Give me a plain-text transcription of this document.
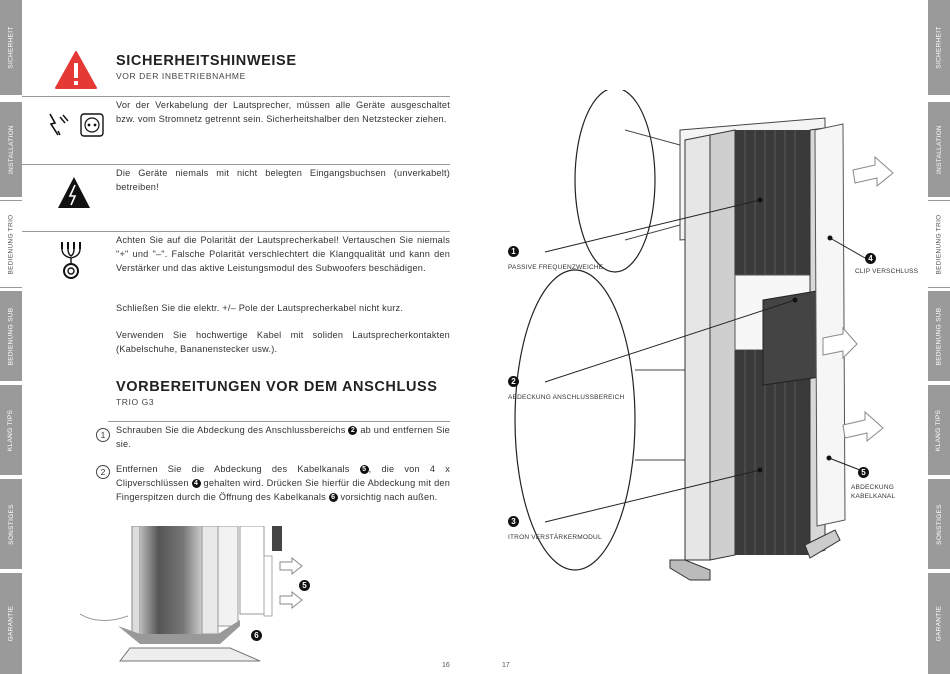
SICHERHEIT
INSTALLATION
BEDIENUNG TRIO
BEDIENUNG SUB
KLANG TIPS
SONSTIGES
GARANTIE
SICHERHEIT
INSTALLATION
BEDIENUNG TRIO
BEDIENUNG SUB
KLANG TIPS
SONSTIGES
GARANTIE
SICHERHEITSHINWEISE
VOR DER INBETRIEBNAHME
Vor der Verkabelung der Lautsprecher, müssen alle Geräte ausgeschaltet bzw. vom Stromnetz getrennt sein. Sicherheitshalber den Netzstecker ziehen.
Die Geräte niemals mit nicht belegten Eingangsbuchsen (unverkabelt) betreiben!
Achten Sie auf die Polarität der Lautsprecherkabel! Vertauschen Sie niemals "+" und "–". Falsche Polarität verschlechtert die Klangqualität und kann den Verstärker und das aktive Leistungsmodul des Subwoofers beschädigen.
Schließen Sie die elektr. +/– Pole der Lautsprecherkabel nicht kurz.
Verwenden Sie hochwertige Kabel mit soliden Lautsprecherkontakten (Kabelschuhe, Bananenstecker usw.).
VORBEREITUNGEN VOR DEM ANSCHLUSS
TRIO G3
1	Schrauben Sie die Abdeckung des Anschlussbereichs 2 ab und entfernen Sie sie.
2	Entfernen Sie die Abdeckung des Kabelkanals 5 , die von 4 x Clipverschlüssen 4 gehalten wird. Drücken Sie hierfür die Abdeckung mit den Fingerspitzen durch die Öffnung des Kabelkanals 6 vorsichtig nach außen.
5
6
16
1
PASSIVE FREQUENZWEICHE
2
ABDECKUNG ANSCHLUSSBEREICH
3
ITRON VERSTÄRKERMODUL
4
CLIP VERSCHLUSS
5
ABDECKUNG
KABELKANAL
17
